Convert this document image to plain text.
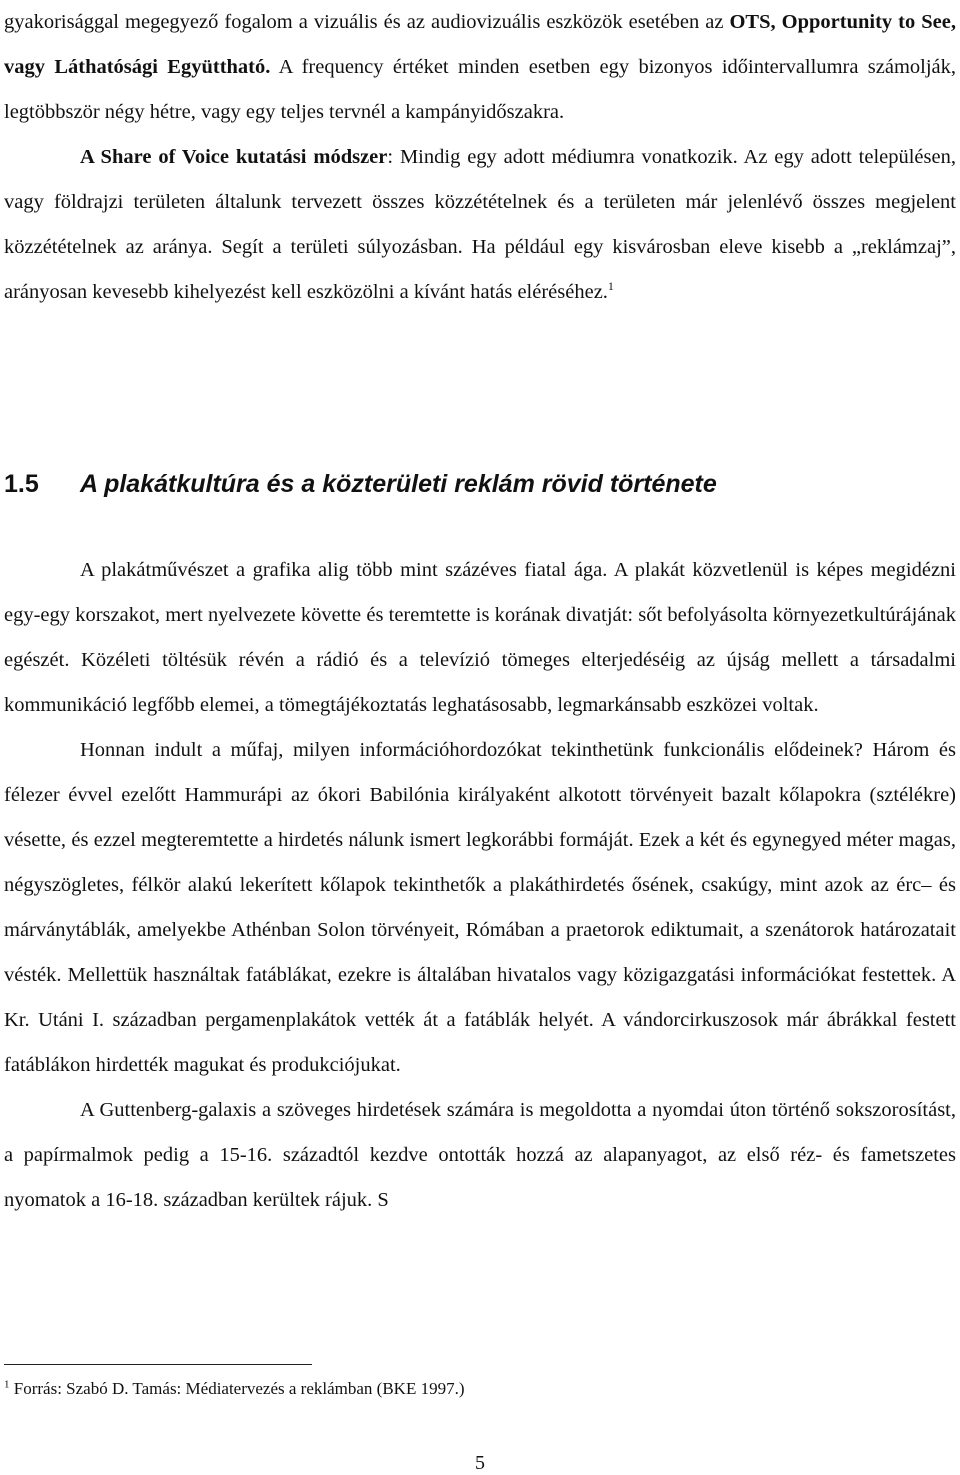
gyakorisággal megegyező fogalom a vizuális és az audiovizuális eszközök esetében az OTS, Opportunity to See, vagy Láthatósági Együttható. A frequency értéket minden esetben egy bizonyos időintervallumra számolják, legtöbbször négy hétre, vagy egy teljes tervnél a kampányidőszakra.

A Share of Voice kutatási módszer: Mindig egy adott médiumra vonatkozik. Az egy adott településen, vagy földrajzi területen általunk tervezett összes közzétételnek és a területen már jelenlévő összes megjelent közzétételnek az aránya. Segít a területi súlyozásban. Ha például egy kisvárosban eleve kisebb a „reklámzaj”, arányosan kevesebb kihelyezést kell eszközölni a kívánt hatás eléréséhez.$^1$

1.5 A plakátkultúra és a közterületi reklám rövid története

A plakátművészet a grafika alig több mint százéves fiatal ága. A plakát közvetlenül is képes megidézni egy-egy korszakot, mert nyelvezete követte és teremtette is korának divatját: sőt befolyásolta környezetkultúrájának egészét. Közéleti töltésük révén a rádió és a televízió tömeges elterjedéséig az újság mellett a társadalmi kommunikáció legfőbb elemei, a tömegtájékoztatás leghatásosabb, legmarkánsabb eszközei voltak.

Honnan indult a műfaj, milyen információhordozókat tekinthetünk funkcionális elődeinek? Három és félezer évvel ezelőtt Hammurápi az ókori Babilónia királyaként alkotott törvényeit bazalt kőlapokra (sztélékre) vésette, és ezzel megteremtette a hirdetés nálunk ismert legkorábbi formáját. Ezek a két és egynegyed méter magas, négyszögletes, félkör alakú lekerített kőlapok tekinthetők a plakáthirdetés ősének, csakúgy, mint azok az érc– és márványtáblák, amelyekbe Athénban Solon törvényeit, Rómában a praetorok ediktumait, a szenátorok határozatait vésték. Mellettük használtak fatáblákat, ezekre is általában hivatalos vagy közigazgatási információkat festettek. A Kr. Utáni I. században pergamenplakátok vették át a fatáblák helyét. A vándorcirkuszosok már ábrákkal festett fatáblákon hirdették magukat és produkciójukat.

A Guttenberg-galaxis a szöveges hirdetések számára is megoldotta a nyomdai úton történő sokszorosítást, a papírmalmok pedig a 15-16. századtól kezdve ontották hozzá az alapanyagot, az első réz- és fametszetes nyomatok a 16-18. században kerültek rájuk. S

$^1$ Forrás: Szabó D. Tamás: Médiatervezés a reklámban (BKE 1997.)
5
